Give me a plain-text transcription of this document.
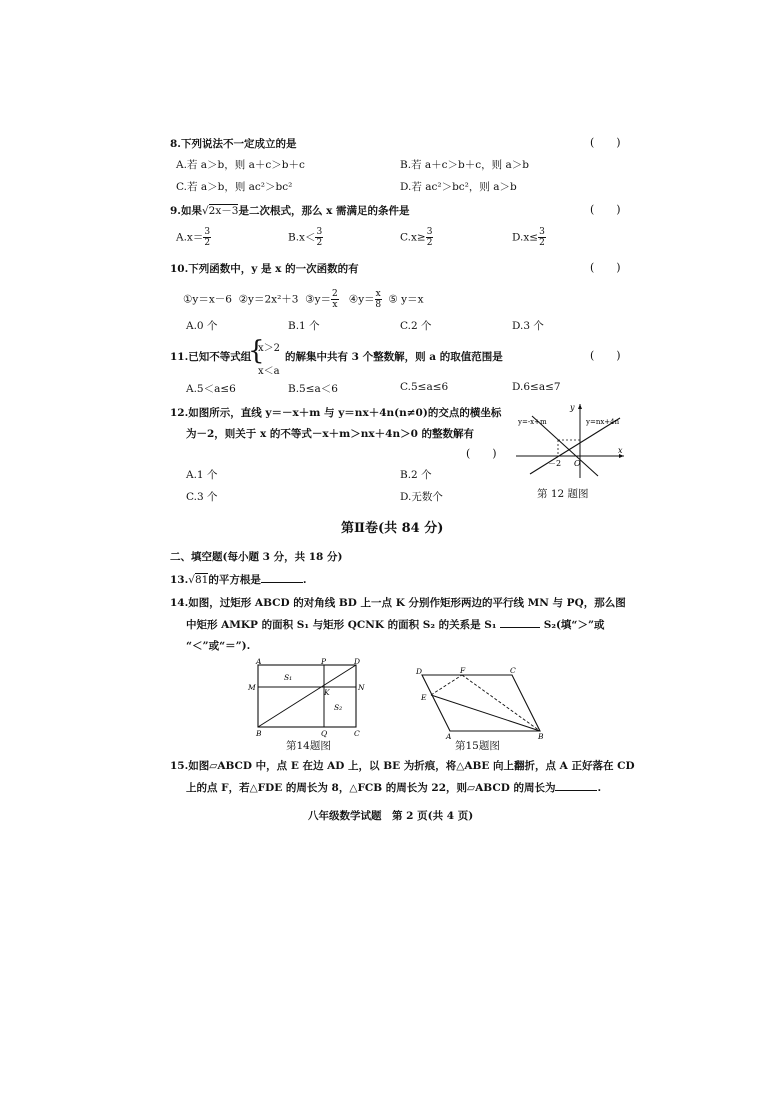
8.下列说法不一定成立的是	(　　)
A.若 a＞b，则 a＋c＞b＋c	B.若 a＋c＞b＋c，则 a＞b
C.若 a＞b，则 ac²＞bc²	D.若 ac²＞bc²，则 a＞b
9.如果√2x－3是二次根式，那么 x 需满足的条件是	(　　)
$A.x= \frac{3}{2}$	$B.x< \frac{3}{2}$	$C.x\ge \frac{3}{2}$	$D.x\le \frac{3}{2}$
10.下列函数中，y 是 x 的一次函数的有	(　　)
①y＝x－6 ②y＝2x²＋3 ③y＝ $\frac{2}{x}$ ④y＝ $\frac{x}{8}$ ⑤ y＝x
A.0 个	B.1 个	C.2 个	D.3 个
11.已知不等式组
{
x＞2
x＜a
的解集中共有 3 个整数解，则 a 的取值范围是	(　　)
A.5＜a≤6	B.5≤a＜6	C.5≤a≤6	D.6≤a≤7
12.如图所示，直线 y＝－x＋m 与 y＝nx＋4n(n≠0)的交点的横坐标
为－2，则关于 x 的不等式－x＋m＞nx＋4n＞0 的整数解有
(　　)
A.1 个	B.2 个
C.3 个	D.无数个
y=-x+m	y=nx+4n
y
x
O
－2
第 12 题图
第Ⅱ卷(共 84 分)
二、填空题(每小题 3 分，共 18 分)
13.√81的平方根是	.
14.如图，过矩形 ABCD 的对角线 BD 上一点 K 分别作矩形两边的平行线 MN 与 PQ，那么图
中矩形 AMKP 的面积 S₁ 与矩形 QCNK 的面积 S₂ 的关系是 S₁	S₂(填“＞”或
“＜”或“＝”).
A	P	D
M
K
N
B	Q	C
S₁
S₂
第14题图
D	F	C
E
A	B
第15题图
15.如图▱ABCD 中，点 E 在边 AD 上，以 BE 为折痕，将△ABE 向上翻折，点 A 正好落在 CD
上的点 F，若△FDE 的周长为 8，△FCB 的周长为 22，则▱ABCD 的周长为	.
八年级数学试题　第 2 页(共 4 页)
